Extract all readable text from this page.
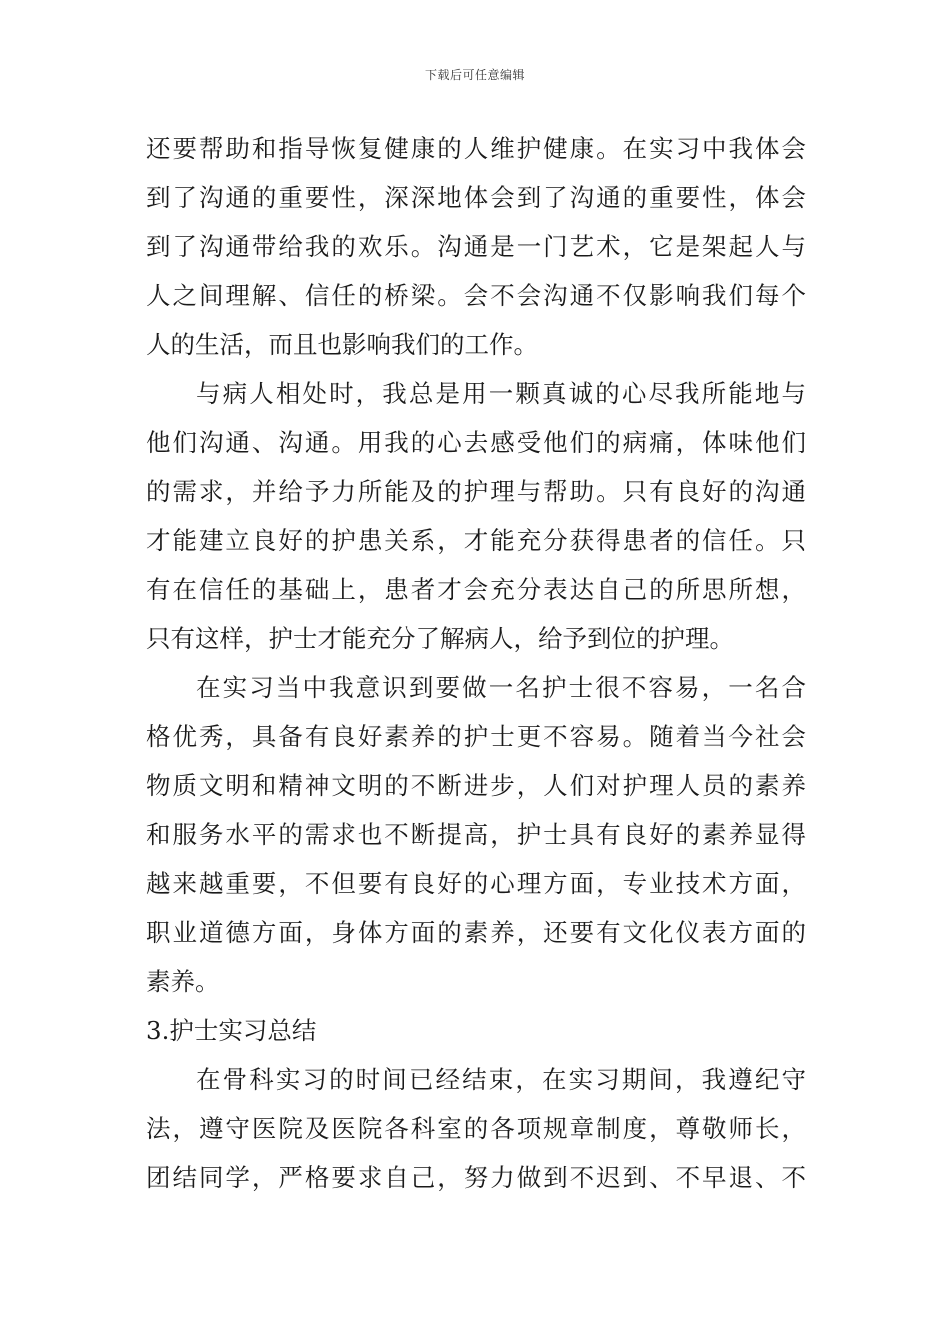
下载后可任意编辑
还要帮助和指导恢复健康的人维护健康。在实习中我体会
到了沟通的重要性，深深地体会到了沟通的重要性，体会
到了沟通带给我的欢乐。沟通是一门艺术，它是架起人与
人之间理解、信任的桥梁。会不会沟通不仅影响我们每个
人的生活，而且也影响我们的工作。
与病人相处时，我总是用一颗真诚的心尽我所能地与
他们沟通、沟通。用我的心去感受他们的病痛，体味他们
的需求，并给予力所能及的护理与帮助。只有良好的沟通
才能建立良好的护患关系，才能充分获得患者的信任。只
有在信任的基础上，患者才会充分表达自己的所思所想，
只有这样，护士才能充分了解病人，给予到位的护理。
在实习当中我意识到要做一名护士很不容易，一名合
格优秀，具备有良好素养的护士更不容易。随着当今社会
物质文明和精神文明的不断进步，人们对护理人员的素养
和服务水平的需求也不断提高，护士具有良好的素养显得
越来越重要，不但要有良好的心理方面，专业技术方面，
职业道德方面，身体方面的素养，还要有文化仪表方面的
素养。
3.护士实习总结
在骨科实习的时间已经结束，在实习期间，我遵纪守
法，遵守医院及医院各科室的各项规章制度，尊敬师长，
团结同学，严格要求自己，努力做到不迟到、不早退、不
